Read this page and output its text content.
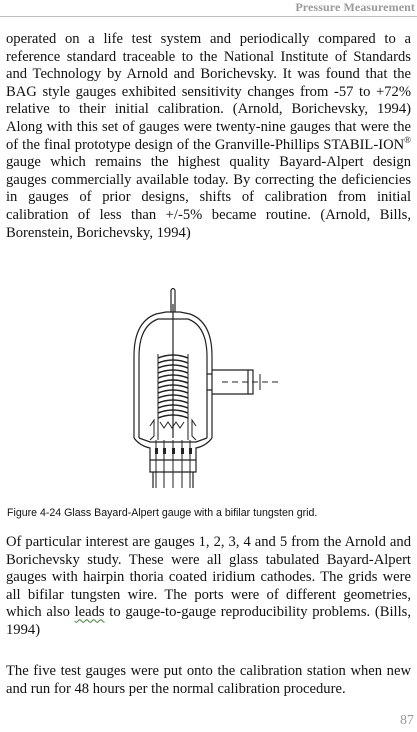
Pressure Measurement

operated on a life test system and periodically compared to a reference standard traceable to the National Institute of Standards and Technology by Arnold and Borichevsky. It was found that the BAG style gauges exhibited sensitivity changes from -57 to +72% relative to their initial calibration. (Arnold, Borichevsky, 1994) Along with this set of gauges were twenty-nine gauges that were the of the final prototype design of the Granville-Phillips STABIL-ION® gauge which remains the highest quality Bayard-Alpert design gauges commercially available today. By correcting the deficiencies in gauges of prior designs, shifts of calibration from initial calibration of less than +/-5% became routine. (Arnold, Bills, Borenstein, Borichevsky, 1994)

Figure 4-24 Glass Bayard-Alpert gauge with a bifilar tungsten grid.

Of particular interest are gauges 1, 2, 3, 4 and 5 from the Arnold and Borichevsky study. These were all glass tabulated Bayard-Alpert gauges with hairpin thoria coated iridium cathodes. The grids were all bifilar tungsten wire. The ports were of different geometries, which also leads to gauge-to-gauge reproducibility problems. (Bills, 1994)

The five test gauges were put onto the calibration station when new and run for 48 hours per the normal calibration procedure.

87
